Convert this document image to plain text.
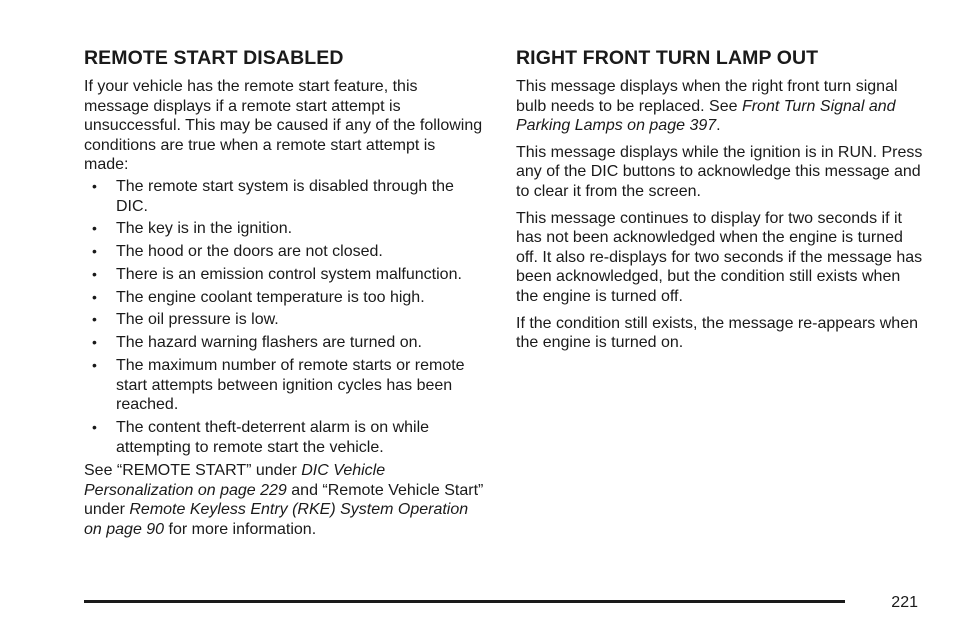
REMOTE START DISABLED

If your vehicle has the remote start feature, this message displays if a remote start attempt is unsuccessful. This may be caused if any of the following conditions are true when a remote start attempt is made:

• The remote start system is disabled through the DIC.
• The key is in the ignition.
• The hood or the doors are not closed.
• There is an emission control system malfunction.
• The engine coolant temperature is too high.
• The oil pressure is low.
• The hazard warning flashers are turned on.
• The maximum number of remote starts or remote start attempts between ignition cycles has been reached.
• The content theft-deterrent alarm is on while attempting to remote start the vehicle.

See “REMOTE START” under DIC Vehicle Personalization on page 229 and “Remote Vehicle Start” under Remote Keyless Entry (RKE) System Operation on page 90 for more information.

RIGHT FRONT TURN LAMP OUT

This message displays when the right front turn signal bulb needs to be replaced. See Front Turn Signal and Parking Lamps on page 397.

This message displays while the ignition is in RUN. Press any of the DIC buttons to acknowledge this message and to clear it from the screen.

This message continues to display for two seconds if it has not been acknowledged when the engine is turned off. It also re-displays for two seconds if the message has been acknowledged, but the condition still exists when the engine is turned off.

If the condition still exists, the message re-appears when the engine is turned on.

221
